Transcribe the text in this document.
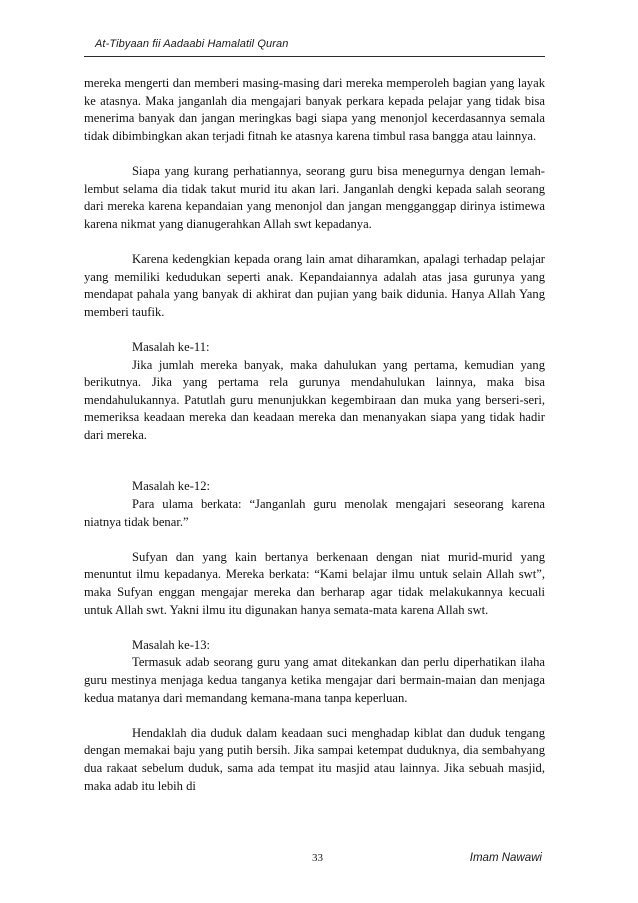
At-Tibyaan fii Aadaabi Hamalatil Quran

mereka mengerti dan memberi masing-masing dari mereka memperoleh bagian yang layak ke atasnya. Maka janganlah dia mengajari banyak perkara kepada pelajar yang tidak bisa menerima banyak dan jangan meringkas bagi siapa yang menonjol kecerdasannya semala tidak dibimbingkan akan terjadi fitnah ke atasnya karena timbul rasa bangga atau lainnya.

Siapa yang kurang perhatiannya, seorang guru bisa menegurnya dengan lemah-lembut selama dia tidak takut murid itu akan lari. Janganlah dengki kepada salah seorang dari mereka karena kepandaian yang menonjol dan jangan mengganggap dirinya istimewa karena nikmat yang dianugerahkan Allah swt kepadanya.

Karena kedengkian kepada orang lain amat diharamkan, apalagi terhadap pelajar yang memiliki kedudukan seperti anak. Kepandaiannya adalah atas jasa gurunya yang mendapat pahala yang banyak di akhirat dan pujian yang baik didunia. Hanya Allah Yang memberi taufik.

Masalah ke-11:

Jika jumlah mereka banyak, maka dahulukan yang pertama, kemudian yang berikutnya. Jika yang pertama rela gurunya mendahulukan lainnya, maka bisa mendahulukannya. Patutlah guru menunjukkan kegembiraan dan muka yang berseri-seri, memeriksa keadaan mereka dan keadaan mereka dan menanyakan siapa yang tidak hadir dari mereka.

Masalah ke-12:

Para ulama berkata: “Janganlah guru menolak mengajari seseorang karena niatnya tidak benar.”

Sufyan dan yang kain bertanya berkenaan dengan niat murid-murid yang menuntut ilmu kepadanya. Mereka berkata: “Kami belajar ilmu untuk selain Allah swt”, maka Sufyan enggan mengajar mereka dan berharap agar tidak melakukannya kecuali untuk Allah swt. Yakni ilmu itu digunakan hanya semata-mata karena Allah swt.

Masalah ke-13:

Termasuk adab seorang guru yang amat ditekankan dan perlu diperhatikan ilaha guru mestinya menjaga kedua tanganya ketika mengajar dari bermain-maian dan menjaga kedua matanya dari memandang kemana-mana tanpa keperluan.

Hendaklah dia duduk dalam keadaan suci menghadap kiblat dan duduk tengang dengan memakai baju yang putih bersih. Jika sampai ketempat duduknya, dia sembahyang dua rakaat sebelum duduk, sama ada tempat itu masjid atau lainnya. Jika sebuah masjid, maka adab itu lebih di

33	Imam Nawawi
